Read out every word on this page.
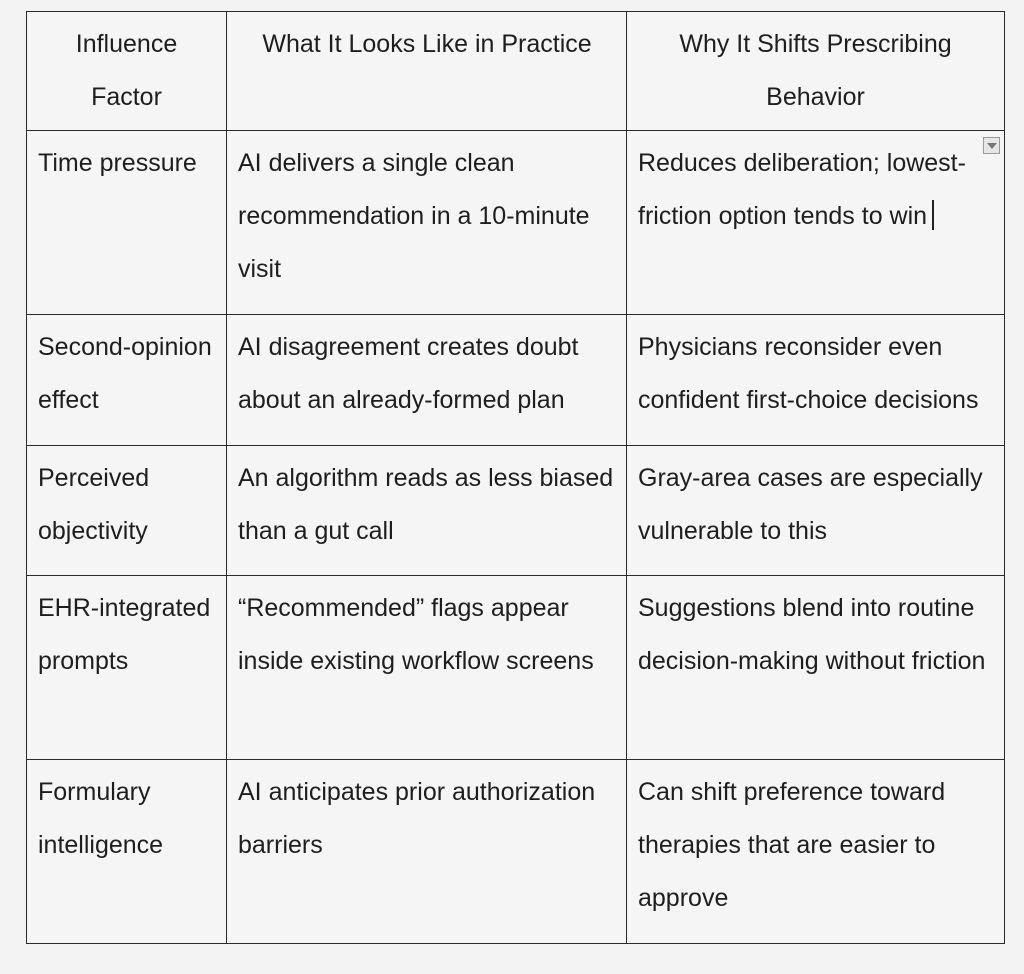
Influence Factor	What It Looks Like in Practice	Why It Shifts Prescribing Behavior
Time pressure	AI delivers a single clean recommendation in a 10-minute visit	Reduces deliberation; lowest-friction option tends to win

Second-opinion effect	AI disagreement creates doubt about an already-formed plan	Physicians reconsider even confident first-choice decisions
Perceived objectivity	An algorithm reads as less biased than a gut call	Gray-area cases are especially vulnerable to this
EHR-integrated prompts	“Recommended” flags appear inside existing workflow screens	Suggestions blend into routine decision-making without friction
Formulary intelligence	AI anticipates prior authorization barriers	Can shift preference toward therapies that are easier to approve
